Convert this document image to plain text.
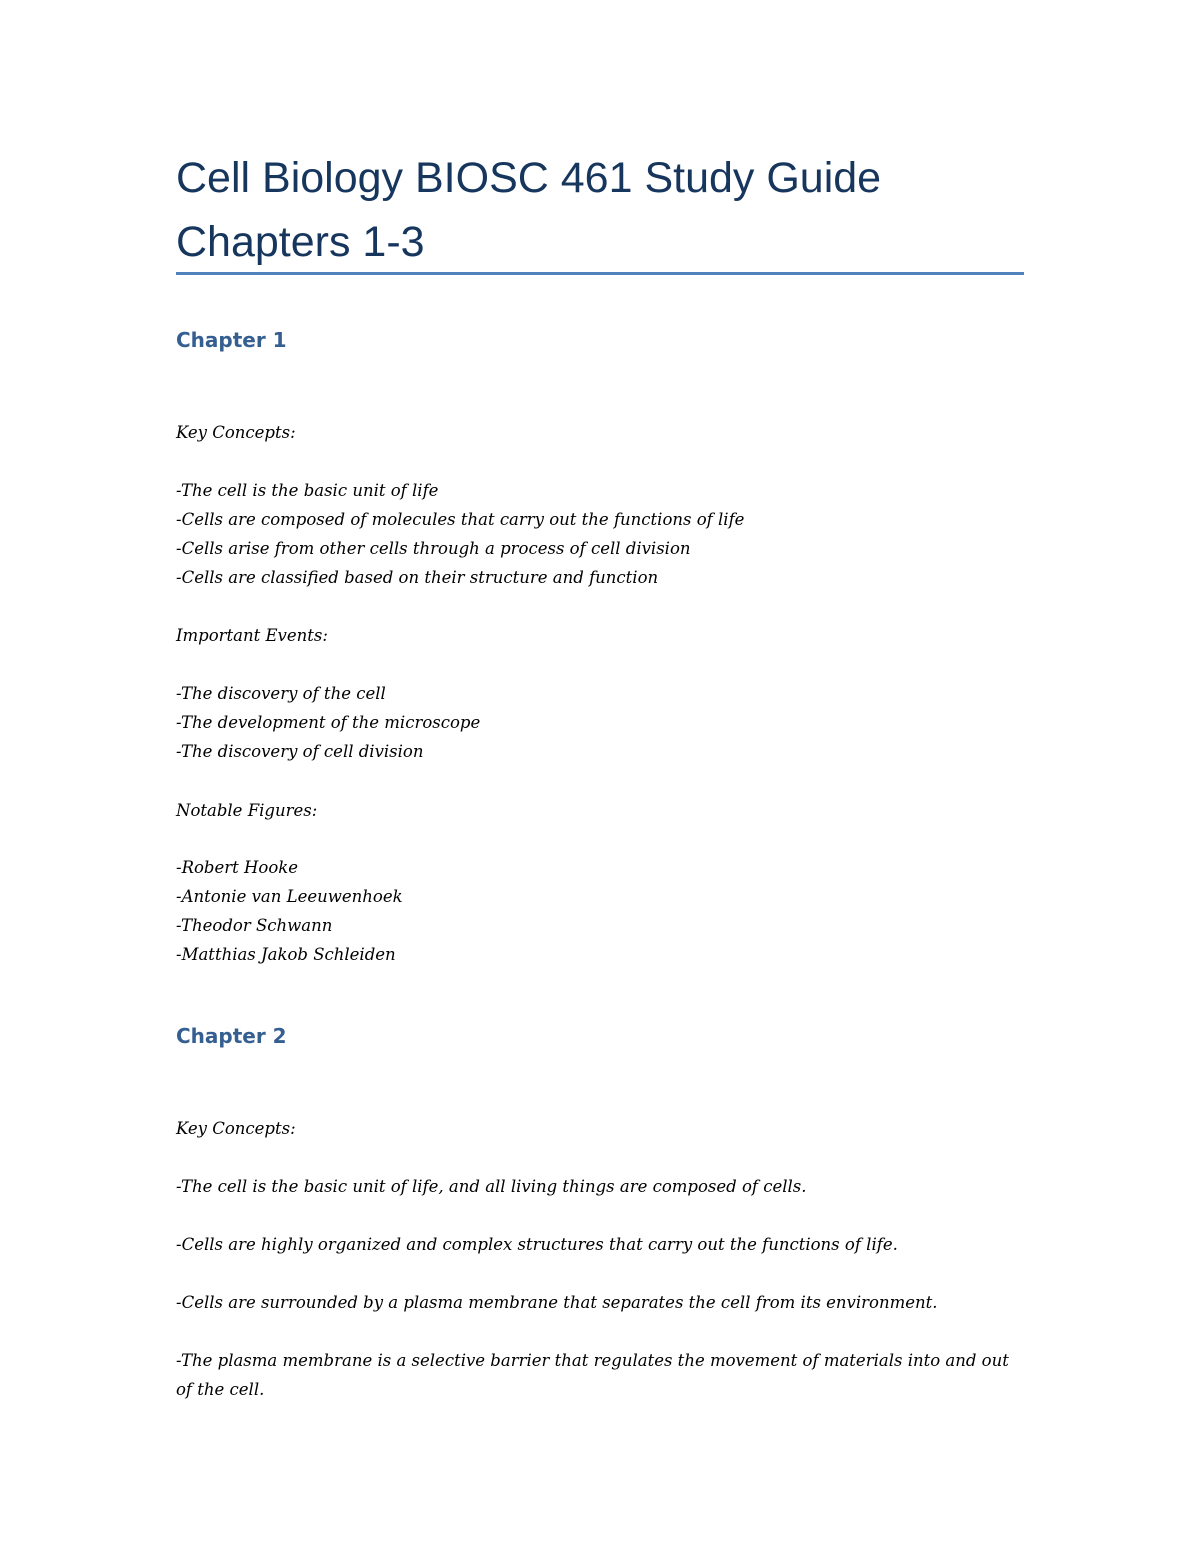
Cell Biology BIOSC 461 Study Guide Chapters 1-3
Chapter 1
Key Concepts:
-The cell is the basic unit of life
-Cells are composed of molecules that carry out the functions of life
-Cells arise from other cells through a process of cell division
-Cells are classified based on their structure and function
Important Events:
-The discovery of the cell
-The development of the microscope
-The discovery of cell division
Notable Figures:
-Robert Hooke
-Antonie van Leeuwenhoek
-Theodor Schwann
-Matthias Jakob Schleiden
Chapter 2
Key Concepts:
-The cell is the basic unit of life, and all living things are composed of cells.
-Cells are highly organized and complex structures that carry out the functions of life.
-Cells are surrounded by a plasma membrane that separates the cell from its environment.
-The plasma membrane is a selective barrier that regulates the movement of materials into and out of the cell.
